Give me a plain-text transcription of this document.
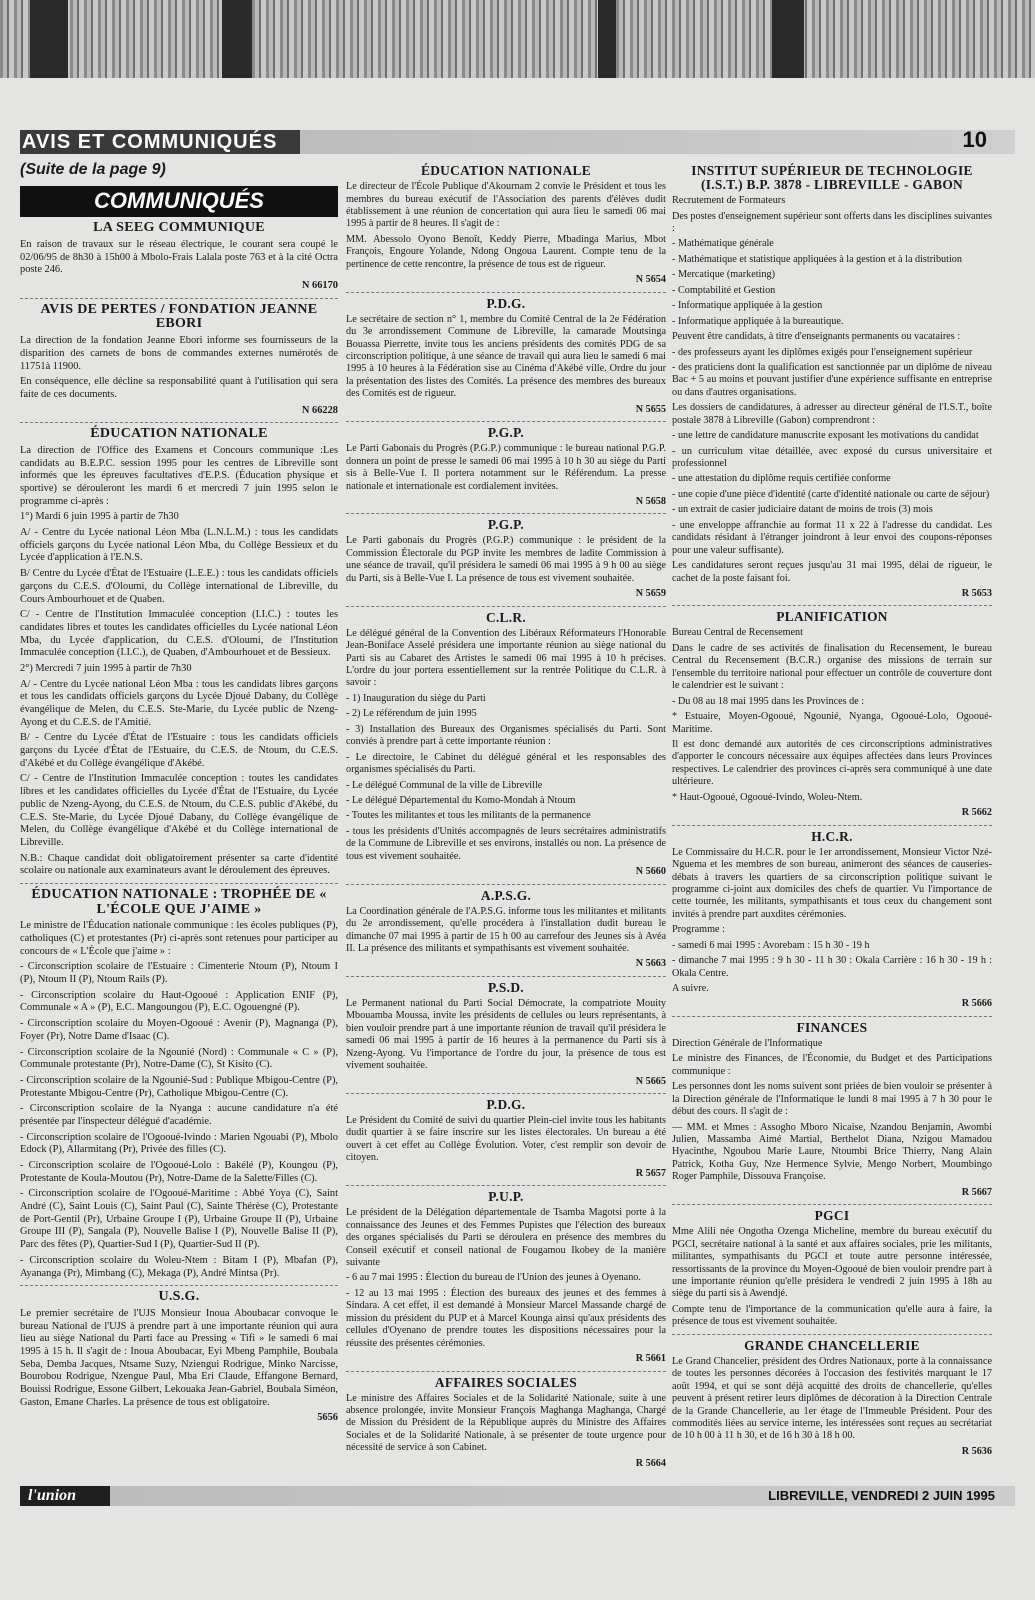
AVIS ET COMMUNIQUÉS	10
(Suite de la page 9)
COMMUNIQUÉS
LA SEEG COMMUNIQUE

En raison de travaux sur le réseau électrique, le courant sera coupé le 02/06/95 de 8h30 à 15h00 à Mbolo-Frais Lalala poste 763 et à la cité Octra poste 246.

N 66170
AVIS DE PERTES / FONDATION JEANNE EBORI

La direction de la fondation Jeanne Ebori informe ses fournisseurs de la disparition des carnets de bons de commandes externes numérotés de 11751à 11900.

En conséquence, elle décline sa responsabilité quant à l'utilisation qui sera faite de ces documents.

N 66228
ÉDUCATION NATIONALE

La direction de l'Office des Examens et Concours communique :Les candidats au B.E.P.C. session 1995 pour les centres de Libreville sont informés que les épreuves facultatives d'E.P.S. (Éducation physique et sportive) se dérouleront les mardi 6 et mercredi 7 juin 1995 selon le programme ci-après :

1°) Mardi 6 juin 1995 à partir de 7h30

A/ - Centre du Lycée national Léon Mba (L.N.L.M.) : tous les candidats officiels garçons du Lycée national Léon Mba, du Collège Bessieux et du Lycée d'application à l'E.N.S.

B/ Centre du Lycée d'État de l'Estuaire (L.E.E.) : tous les candidats officiels garçons du C.E.S. d'Oloumi, du Collège international de Libreville, du Cours Ambourhouet et de Quaben.

C/ - Centre de l'Institution Immaculée conception (I.I.C.) : toutes les candidates libres et toutes les candidates officielles du Lycée national Léon Mba, du Lycée d'application, du C.E.S. d'Oloumi, de l'Institution Immaculée conception (I.I.C.), de Quaben, d'Ambourhouet et de Bessieux.

2°) Mercredi 7 juin 1995 à partir de 7h30

A/ - Centre du Lycée national Léon Mba : tous les candidats libres garçons et tous les candidats officiels garçons du Lycée Djoué Dabany, du Collège évangélique de Melen, du C.E.S. Ste-Marie, du Lycée public de Nzeng-Ayong et du C.E.S. de l'Amitié.

B/ - Centre du Lycée d'État de l'Estuaire : tous les candidats officiels garçons du Lycée d'État de l'Estuaire, du C.E.S. de Ntoum, du C.E.S. d'Akébé et du Collège évangélique d'Akébé.

C/ - Centre de l'Institution Immaculée conception : toutes les candidates libres et les candidates officielles du Lycée d'État de l'Estuaire, du Lycée public de Nzeng-Ayong, du C.E.S. de Ntoum, du C.E.S. public d'Akébé, du C.E.S. Ste-Marie, du Lycée Djoué Dabany, du Collège évangélique de Melen, du Collège évangélique d'Akébé et du Collège international de Libreville.

N.B.: Chaque candidat doit obligatoirement présenter sa carte d'identité scolaire ou nationale aux examinateurs avant le déroulement des épreuves.

ÉDUCATION NATIONALE : TROPHÉE DE « L'ÉCOLE QUE J'AIME »

Le ministre de l'Éducation nationale communique : les écoles publiques (P), catholiques (C) et protestantes (Pr) ci-après sont retenues pour participer au concours de « L'École que j'aime » :

- Circonscription scolaire de l'Estuaire : Cimenterie Ntoum (P), Ntoum I (P), Ntoum II (P), Ntoum Rails (P).

- Circonscription scolaire du Haut-Ogooué : Application ENIF (P), Communale « A » (P), E.C. Mangoungou (P), E.C. Ogouengné (P).

- Circonscription scolaire du Moyen-Ogooué : Avenir (P), Magnanga (P), Foyer (Pr), Notre Dame d'Isaac (C).

- Circonscription scolaire de la Ngounié (Nord) : Communale « C » (P), Communale protestante (Pr), Notre-Dame (C), St Kisito (C).

- Circonscription scolaire de la Ngounié-Sud : Publique Mbigou-Centre (P), Protestante Mbigou-Centre (Pr), Catholique Mbigou-Centre (C).

- Circonscription scolaire de la Nyanga : aucune candidature n'a été présentée par l'inspecteur délégué d'académie.

- Circonscription scolaire de l'Ogooué-Ivindo : Marien Ngouabi (P), Mbolo Edock (P), Allarmitang (Pr), Privée des filles (C).

- Circonscription scolaire de l'Ogooué-Lolo : Bakélé (P), Koungou (P), Protestante de Koula-Moutou (Pr), Notre-Dame de la Salette/Filles (C).

- Circonscription scolaire de l'Ogooué-Maritime : Abbé Yoya (C), Saint André (C), Saint Louis (C), Saint Paul (C), Sainte Thérèse (C), Protestante de Port-Gentil (Pr), Urbaine Groupe I (P), Urbaine Groupe II (P), Urbaine Groupe III (P), Sangala (P), Nouvelle Balise I (P), Nouvelle Balise II (P), Parc des fêtes (P), Quartier-Sud I (P), Quartier-Sud II (P).

- Circonscription scolaire du Woleu-Ntem : Bitam I (P), Mbafan (P), Ayananga (Pr), Mimbang (C), Mekaga (P), André Mintsa (Pr).

U.S.G.

Le premier secrétaire de l'UJS Monsieur Inoua Aboubacar convoque le bureau National de l'UJS à prendre part à une importante réunion qui aura lieu au siège National du Parti face au Pressing « Tifi » le samedi 6 mai 1995 à 15 h. Il s'agit de : Inoua Aboubacar, Eyi Mbeng Pamphile, Boubala Seba, Demba Jacques, Ntsame Suzy, Nziengui Rodrigue, Minko Narcisse, Bourobou Rodrigue, Nzengue Paul, Mba Eri Claude, Effangone Bernard, Bouissi Rodrigue, Essone Gilbert, Lekouaka Jean-Gabriel, Boubala Siméon, Gaston, Emane Charles. La présence de tous est obligatoire.

5656
ÉDUCATION NATIONALE

Le directeur de l'École Publique d'Akournam 2 convie le Président et tous les membres du bureau exécutif de l'Association des parents d'élèves dudit établissement à une réunion de concertation qui aura lieu le samedi 06 mai 1995 à partir de 8 heures. Il s'agit de :

MM. Abessolo Oyono Benoît, Keddy Pierre, Mbadinga Marius, Mbot François, Engoure Yolande, Ndong Ongoua Laurent. Compte tenu de la pertinence de cette rencontre, la présence de tous est de rigueur.

N 5654
P.D.G.

Le secrétaire de section n° 1, membre du Comité Central de la 2e Fédération du 3e arrondissement Commune de Libreville, la camarade Moutsinga Bouassa Pierrette, invite tous les anciens présidents des comités PDG de sa circonscription politique, à une séance de travail qui aura lieu le samedi 6 mai 1995 à 10 heures à la Fédération sise au Cinéma d'Akébé ville. Ordre du jour la présentation des listes des Comités. La présence des membres des bureaux des Comités est de rigueur.

N 5655
P.G.P.

Le Parti Gabonais du Progrès (P.G.P.) communique : le bureau national P.G.P. donnera un point de presse le samedi 06 mai 1995 à 10 h 30 au siège du Parti sis à Belle-Vue I. Il portera notamment sur le Référendum. La presse nationale et internationale est cordialement invitées.

N 5658
P.G.P.

Le Parti gabonais du Progrès (P.G.P.) communique : le président de la Commission Électorale du PGP invite les membres de ladite Commission à une séance de travail, qu'il présidera le samedi 06 mai 1995 à 9 h 00 au siège du Parti, sis à Belle-Vue I. La présence de tous est vivement souhaitée.

N 5659
C.L.R.

Le délégué général de la Convention des Libéraux Réformateurs l'Honorable Jean-Boniface Asselé présidera une importante réunion au siège national du Parti sis au Cabaret des Artistes le samedi 06 mai 1995 à 10 h précises. L'ordre du jour portera essentiellement sur la rentrée Politique du C.L.R. à savoir :

- 1) Inauguration du siège du Parti

- 2) Le référendum de juin 1995

- 3) Installation des Bureaux des Organismes spécialisés du Parti. Sont conviés à prendre part à cette importante réunion :

- Le directoire, le Cabinet du délégué général et les responsables des organismes spécialisés du Parti.

- Le délégué Communal de la ville de Libreville

- Le délégué Départemental du Komo-Mondah à Ntoum

- Toutes les militantes et tous les militants de la permanence

- tous les présidents d'Unités accompagnés de leurs secrétaires administratifs de la Commune de Libreville et ses environs, installés ou non. La présence de tous est vivement souhaitée.

N 5660
A.P.S.G.

La Coordination générale de l'A.P.S.G. informe tous les militantes et militants du 2e arrondissement, qu'elle procédera à l'installation dudit bureau le dimanche 07 mai 1995 à partir de 15 h 00 au carrefour des Jeunes sis à Avéa II. La présence des militants et sympathisants est vivement souhaitée.

N 5663
P.S.D.

Le Permanent national du Parti Social Démocrate, la compatriote Mouity Mbouamba Moussa, invite les présidents de cellules ou leurs représentants, à bien vouloir prendre part à une importante réunion de travail qu'il présidera le samedi 06 mai 1995 à partir de 16 heures à la permanence du Parti sis à Nzeng-Ayong. Vu l'importance de l'ordre du jour, la présence de tous est vivement souhaitée.

N 5665
P.D.G.

Le Président du Comité de suivi du quartier Plein-ciel invite tous les habitants dudit quartier à se faire inscrire sur les listes électorales. Un bureau a été ouvert à cet effet au Collège Évolution. Voter, c'est remplir son devoir de citoyen.

R 5657
P.U.P.

Le président de la Délégation départementale de Tsamba Magotsi porte à la connaissance des Jeunes et des Femmes Pupistes que l'élection des bureaux des organes spécialisés du Parti se déroulera en présence des membres du Conseil exécutif et conseil national de Fougamou Ikobey de la manière suivante

- 6 au 7 mai 1995 : Élection du bureau de l'Union des jeunes à Oyenano.

- 12 au 13 mai 1995 : Élection des bureaux des jeunes et des femmes à Sindara. A cet effet, il est demandé à Monsieur Marcel Massande chargé de mission du président du PUP et à Marcel Kounga ainsi qu'aux présidents des cellules d'Oyenano de prendre toutes les dispositions nécessaires pour la réussite des présentes cérémonies.

R 5661
AFFAIRES SOCIALES

Le ministre des Affaires Sociales et de la Solidarité Nationale, suite à une absence prolongée, invite Monsieur François Maghanga Maghanga, Chargé de Mission du Président de la République auprès du Ministre des Affaires Sociales et de la Solidarité Nationale, à se présenter de toute urgence pour nécessité de service à son Cabinet.

R 5664
INSTITUT SUPÉRIEUR DE TECHNOLOGIE (I.S.T.) B.P. 3878 - LIBREVILLE - GABON

Recrutement de Formateurs

Des postes d'enseignement supérieur sont offerts dans les disciplines suivantes :

- Mathématique générale

- Mathématique et statistique appliquées à la gestion et à la distribution

- Mercatique (marketing)

- Comptabilité et Gestion

- Informatique appliquée à la gestion

- Informatique appliquée à la bureautique.

Peuvent être candidats, à titre d'enseignants permanents ou vacataires :

- des professeurs ayant les diplômes exigés pour l'enseignement supérieur

- des praticiens dont la qualification est sanctionnée par un diplôme de niveau Bac + 5 au moins et pouvant justifier d'une expérience suffisante en entreprise ou dans d'autres organisations.

Les dossiers de candidatures, à adresser au directeur général de l'I.S.T., boîte postale 3878 à Libreville (Gabon) comprendront :

- une lettre de candidature manuscrite exposant les motivations du candidat

- un curriculum vitae détaillée, avec exposé du cursus universitaire et professionnel

- une attestation du diplôme requis certifiée conforme

- une copie d'une pièce d'identité (carte d'identité nationale ou carte de séjour)

- un extrait de casier judiciaire datant de moins de trois (3) mois

- une enveloppe affranchie au format 11 x 22 à l'adresse du candidat. Les candidats résidant à l'étranger joindront à leur envoi des coupons-réponses pour une valeur suffisante).

Les candidatures seront reçues jusqu'au 31 mai 1995, délai de rigueur, le cachet de la poste faisant foi.

R 5653
PLANIFICATION

Bureau Central de Recensement

Dans le cadre de ses activités de finalisation du Recensement, le bureau Central du Recensement (B.C.R.) organise des missions de terrain sur l'ensemble du territoire national pour effectuer un contrôle de couverture dont le calendrier est le suivant :

- Du 08 au 18 mai 1995 dans les Provinces de :

* Estuaire, Moyen-Ogooué, Ngounié, Nyanga, Ogooué-Lolo, Ogooué-Maritime.

Il est donc demandé aux autorités de ces circonscriptions administratives d'apporter le concours nécessaire aux équipes affectées dans leurs Provinces respectives. Le calendrier des provinces ci-après sera communiqué à une date ultérieure.

* Haut-Ogooué, Ogooué-Ivindo, Woleu-Ntem.

R 5662
H.C.R.

Le Commissaire du H.C.R. pour le 1er arrondissement, Monsieur Victor Nzé-Nguema et les membres de son bureau, animeront des séances de causeries-débats à travers les quartiers de sa circonscription politique suivant le programme ci-joint aux domiciles des chefs de quartier. Vu l'importance de cette tournée, les militants, sympathisants et tous ceux du changement sont invités à prendre part auxdites cérémonies.

Programme :

- samedi 6 mai 1995 : Avorebam : 15 h 30 - 19 h

- dimanche 7 mai 1995 : 9 h 30 - 11 h 30 : Okala Carrière : 16 h 30 - 19 h : Okala Centre.

A suivre.

R 5666
FINANCES

Direction Générale de l'Informatique

Le ministre des Finances, de l'Économie, du Budget et des Participations communique :

Les personnes dont les noms suivent sont priées de bien vouloir se présenter à la Direction générale de l'Informatique le lundi 8 mai 1995 à 7 h 30 pour le début des cours. Il s'agit de :

— MM. et Mmes : Assogho Mboro Nicaise, Nzandou Benjamin, Awombi Julien, Massamba Aimé Martial, Berthelot Diana, Nzigou Mamadou Hyacinthe, Ngoubou Marie Laure, Ntoumbi Brice Thierry, Nang Alain Patrick, Kotha Guy, Nze Hermence Sylvie, Mengo Norbert, Moumbingo Roger Pamphile, Dissouva Françoise.

R 5667
PGCI

Mme Alili née Ongotha Ozenga Micheline, membre du bureau exécutif du PGCI, secrétaire national à la santé et aux affaires sociales, prie les militants, militantes, sympathisants du PGCI et toute autre personne intéressée, ressortissants de la province du Moyen-Ogooué de bien vouloir prendre part à une importante réunion qu'elle présidera le vendredi 2 juin 1995 à 18h au siège du parti sis à Awendjé.

Compte tenu de l'importance de la communication qu'elle aura à faire, la présence de tous est vivement souhaitée.

GRANDE CHANCELLERIE

Le Grand Chancelier, président des Ordres Nationaux, porte à la connaissance de toutes les personnes décorées à l'occasion des festivités marquant le 17 août 1994, et qui se sont déjà acquitté des droits de chancellerie, qu'elles peuvent à présent retirer leurs diplômes de décoration à la Direction Centrale de la Grande Chancellerie, au 1er étage de l'Immeuble Président. Pour des commodités liées au service interne, les intéressées sont reçues au secrétariat de 10 h 00 à 11 h 30, et de 16 h 30 à 18 h 00.

R 5636
l'union	LIBREVILLE, VENDREDI 2 JUIN 1995
